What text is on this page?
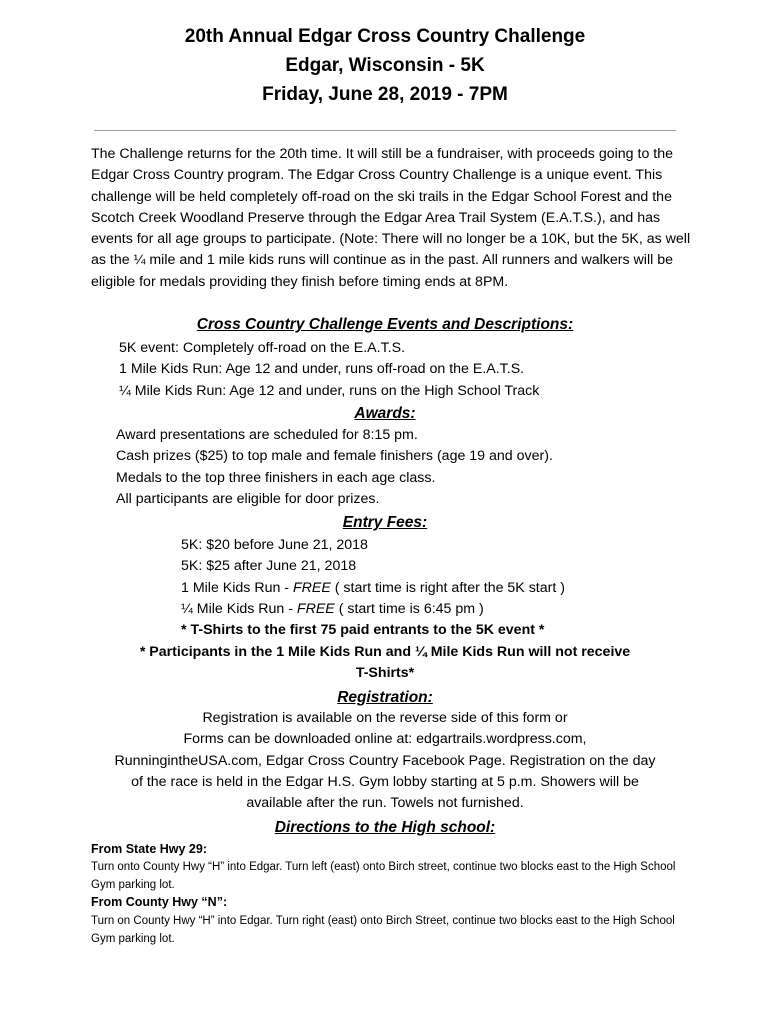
20th Annual Edgar Cross Country Challenge
Edgar, Wisconsin - 5K
Friday, June 28, 2019 - 7PM
The Challenge returns for the 20th time. It will still be a fundraiser, with proceeds going to the Edgar Cross Country program. The Edgar Cross Country Challenge is a unique event. This challenge will be held completely off-road on the ski trails in the Edgar School Forest and the Scotch Creek Woodland Preserve through the Edgar Area Trail System (E.A.T.S.), and has events for all age groups to participate. (Note: There will no longer be a 10K, but the 5K, as well as the ¼ mile and 1 mile kids runs will continue as in the past. All runners and walkers will be eligible for medals providing they finish before timing ends at 8PM.
Cross Country Challenge Events and Descriptions:
5K event: Completely off-road on the E.A.T.S.
1 Mile Kids Run: Age 12 and under, runs off-road on the E.A.T.S.
¼ Mile Kids Run: Age 12 and under, runs on the High School Track
Awards:
Award presentations are scheduled for 8:15 pm.
Cash prizes ($25) to top male and female finishers (age 19 and over).
Medals to the top three finishers in each age class.
All participants are eligible for door prizes.
Entry Fees:
5K: $20 before June 21, 2018
5K: $25 after June 21, 2018
1 Mile Kids Run - FREE ( start time is right after the 5K start )
¼ Mile Kids Run - FREE ( start time is 6:45 pm )
* T-Shirts to the first 75 paid entrants to the 5K event *
* Participants in the 1 Mile Kids Run and ¼ Mile Kids Run will not receive
T-Shirts*
Registration:
Registration is available on the reverse side of this form or
Forms can be downloaded online at: edgartrails.wordpress.com,
RunningintheUSA.com, Edgar Cross Country Facebook Page. Registration on the day
of the race is held in the Edgar H.S. Gym lobby starting at 5 p.m. Showers will be
available after the run. Towels not furnished.
Directions to the High school:
From State Hwy 29:
Turn onto County Hwy “H” into Edgar. Turn left (east) onto Birch street, continue two blocks east to the High School Gym parking lot.
From County Hwy “N”:
Turn on County Hwy “H” into Edgar. Turn right (east) onto Birch Street, continue two blocks east to the High School Gym parking lot.
